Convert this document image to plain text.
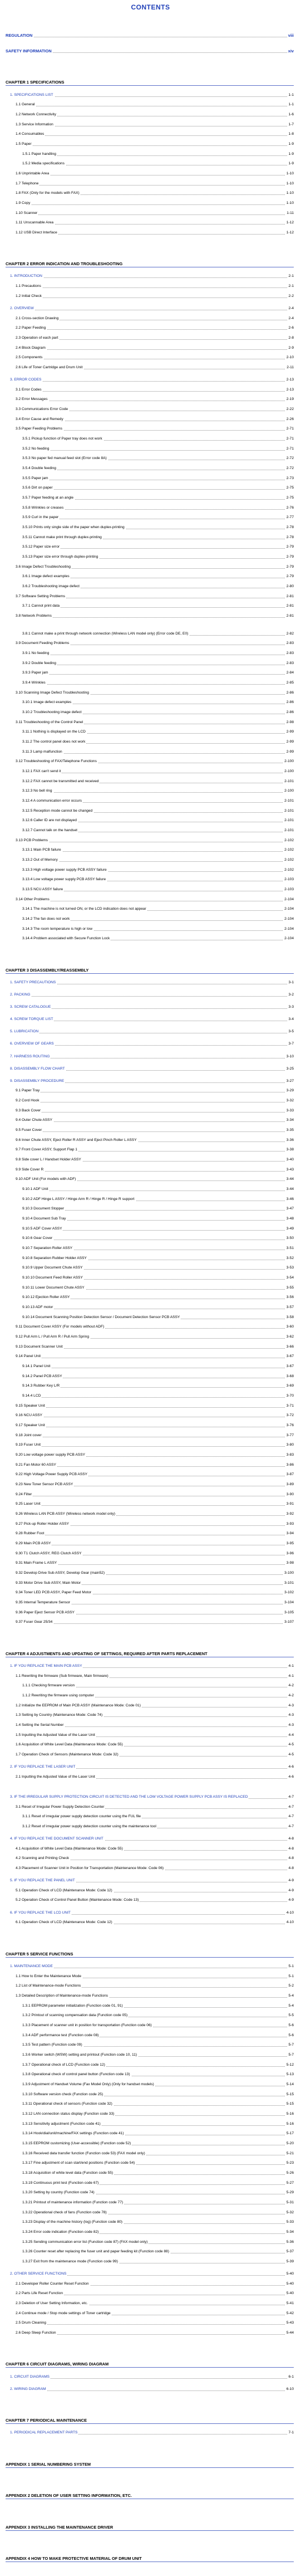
CONTENTS
REGULATION	viii
SAFETY INFORMATION	xiv
CHAPTER 1 SPECIFICATIONS
1. SPECIFICATIONS LIST	1-1
1.1 General	1-1
1.2 Network Connectivity	1-6
1.3 Service Information	1-7
1.4 Consumables	1-8
1.5 Paper	1-9
1.5.1 Paper handling	1-9
1.5.2 Media specifications	1-9
1.6 Unprintable Area	1-10
1.7 Telephone	1-10
1.8 FAX (Only for the models with FAX)	1-10
1.9 Copy	1-10
1.10 Scanner	1-11
1.11 Unscannable Area	1-12
1.12 USB Direct Interface	1-12
CHAPTER 2 ERROR INDICATION AND TROUBLESHOOTING
1. INTRODUCTION	2-1
1.1 Precautions	2-1
1.2 Initial Check	2-2
2. OVERVIEW	2-4
2.1 Cross-section Drawing	2-4
2.2 Paper Feeding	2-6
2.3 Operation of each part	2-8
2.4 Block Diagram	2-9
2.5 Components	2-10
2.6 Life of Toner Cartridge and Drum Unit	2-11
3. ERROR CODES	2-13
3.1 Error Codes	2-13
3.2 Error Messages	2-19
3.3 Communications Error Code	2-22
3.4 Error Cause and Remedy	2-26
3.5 Paper Feeding Problems	2-71
3.5.1 Pickup function of Paper tray does not work	2-71
3.5.2 No feeding	2-71
3.5.3 No paper fed manual feed slot (Error code 8A)	2-72
3.5.4 Double feeding	2-72
3.5.5 Paper jam	2-73
3.5.6 Dirt on paper	2-75
3.5.7 Paper feeding at an angle	2-75
3.5.8 Wrinkles or creases	2-76
3.5.9 Curl in the paper	2-77
3.5.10 Prints only single side of the paper when duplex-printing	2-78
3.5.11 Cannot make print through duplex-printing	2-78
3.5.12 Paper size error	2-79
3.5.13 Paper size error through duplex-printing	2-79
3.6 Image Defect Troubleshooting	2-79
3.6.1 Image defect examples	2-79
3.6.2 Troubleshooting image defect	2-80
3.7 Software Setting Problems	2-81
3.7.1 Cannot print data	2-81
3.8 Network Problems	2-81
3.8.1 Cannot make a print through network connection (Wireless LAN model only) (Error code DE, E0)	2-82
3.9 Document Feeding Problems	2-83
3.9.1 No feeding	2-83
3.9.2 Double feeding	2-83
3.9.3 Paper jam	2-84
3.9.4 Wrinkles	2-85
3.10 Scanning Image Defect Troubleshooting	2-86
3.10.1 Image defect examples	2-86
3.10.2 Troubleshooting image defect	2-86
3.11 Troubleshooting of the Control Panel	2-98
3.11.1 Nothing is displayed on the LCD	2-99
3.11.2 The control panel does not work	2-99
3.11.3 Lamp malfunction	2-99
3.12 Troubleshooting of FAX/Telephone Functions	2-100
3.12.1 FAX can't send it	2-100
3.12.2 FAX cannot be transmitted and received	2-101
3.12.3 No bell ring	2-100
3.12.4 A communication error occurs	2-101
3.12.5 Reception mode cannot be changed	2-101
3.12.6 Caller ID are not displayed	2-101
3.12.7 Cannot talk on the handset	2-101
3.13 PCB Problems	2-102
3.13.1 Main PCB failure	2-102
3.13.2 Out of Memory	2-102
3.13.3 High voltage power supply PCB ASSY failure	2-102
3.13.4 Low voltage power supply PCB ASSY failure	2-103
3.13.5 NCU ASSY failure	2-103
3.14 Other Problems	2-104
3.14.1 The machine is not turned ON, or the LCD indication does not appear	2-104
3.14.2 The fan does not work	2-104
3.14.3 The room temperature is high or low	2-104
3.14.4 Problem associated with Secure Function Lock	2-104
CHAPTER 3 DISASSEMBLY/REASSEMBLY
1. SAFETY PRECAUTIONS	3-1
2. PACKING	3-2
3. SCREW CATALOGUE	3-3
4. SCREW TORQUE LIST	3-4
5. LUBRICATION	3-5
6. OVERVIEW OF GEARS	3-7
7. HARNESS ROUTING	3-10
8. DISASSEMBLY FLOW CHART	3-25
9. DISASSEMBLY PROCEDURE	3-27
9.1 Paper Tray	3-29
9.2 Cord Hook	3-32
9.3 Back Cover	3-33
9.4 Outer Chute ASSY	3-34
9.5 Fuser Cover	3-35
9.6 Inner Chute ASSY, Eject Roller R ASSY and Eject Pinch Roller L ASSY	3-36
9.7 Front Cover ASSY, Support Flap 1	3-38
9.8 Side cover L / Handset Holder ASSY	3-40
9.9 Side Cover R	3-43
9.10 ADF Unit (For models with ADF)	3-44
9.10.1 ADF Unit	3-44
9.10.2 ADF Hinge L ASSY / Hinge Arm R / Hinge R / Hinge R support	3-46
9.10.3 Document Stopper	3-47
9.10.4 Document Sub Tray	3-48
9.10.5 ADF Cover ASSY	3-49
9.10.6 Gear Cover	3-50
9.10.7 Separation Roller ASSY	3-51
9.10.8 Separation Rubber Holder ASSY	3-52
9.10.9 Upper Document Chute ASSY	3-53
9.10.10 Document Feed Roller ASSY	3-54
9.10.11 Lower Document Chute ASSY	3-55
9.10.12 Ejection Roller ASSY	3-56
9.10.13 ADF motor	3-57
9.10.14 Document Scanning Position Detection Sensor / Document Detection Sensor PCB ASSY	3-58
9.11 Document Cover ASSY (For models without ADF)	3-60
9.12 Pull Arm L / Pull Arm R / Pull Arm Spring	3-62
9.13 Document Scanner Unit	3-66
9.14 Panel Unit	3-67
9.14.1 Panel Unit	3-67
9.14.2 Panel PCB ASSY	3-68
9.14.3 Rubber Key L/R	3-69
9.14.4 LCD	3-70
9.15 Speaker Unit	3-71
9.16 NCU ASSY	3-72
9.17 Speaker Unit	3-76
9.18 Joint cover	3-77
9.19 Fuser Unit	3-80
9.20 Low voltage power supply PCB ASSY	3-83
9.21 Fan Motor 60 ASSY	3-86
9.22 High Voltage Power Supply PCB ASSY	3-87
9.23 New Toner Sensor PCB ASSY	3-89
9.24 Filter	3-90
9.25 Laser Unit	3-91
9.26 Wireless LAN PCB ASSY (Wireless network model only)	3-92
9.27 Pick-up Roller Holder ASSY	3-93
9.28 Rubber Foot	3-94
9.29 Main PCB ASSY	3-95
9.30 T1 Clutch ASSY, REG Clutch ASSY	3-96
9.31 Main Frame L ASSY	3-98
9.32 Develop Drive Sub ASSY, Develop Gear (main52)	3-100
9.33 Motor Drive Sub ASSY, Main Motor	3-101
9.34 Toner LED PCB ASSY, Paper Feed Motor	3-102
9.35 Internal Temperature Sensor	3-104
9.36 Paper Eject Sensor PCB ASSY	3-105
9.37 Fuser Gear 25/34	3-107
CHAPTER 4 ADJUSTMENTS AND UPDATING OF SETTINGS, REQUIRED AFTER PARTS REPLACEMENT
1. IF YOU REPLACE THE MAIN PCB ASSY	4-1
1.1 Rewriting the firmware (Sub firmware, Main firmware)	4-1
1.1.1 Checking firmware version	4-2
1.1.2 Rewriting the firmware using computer	4-2
1.2 Initialize the EEPROM of Main PCB ASSY (Maintenance Mode: Code 01)	4-3
1.3 Setting by Country (Maintenance Mode: Code 74)	4-3
1.4 Setting the Serial Number	4-3
1.5 Inputting the Adjusted Value of the Laser Unit	4-4
1.6 Acquisition of White Level Data (Maintenance Mode: Code 55)	4-5
1.7 Operation Check of Sensors (Maintenance Mode: Code 32)	4-5
2. IF YOU REPLACE THE LASER UNIT	4-6
2.1 Inputting the Adjusted Value of the Laser Unit	4-6
3. IF THE IRREGULAR SUPPLY PROTECTION CIRCUIT IS DETECTED AND THE LOW VOLTAGE POWER SUPPLY PCB ASSY IS REPLACED	4-7
3.1 Reset of Irregular Power Supply Detection Counter	4-7
3.1.1 Reset of irregular power supply detection counter using the FUL file	4-7
3.1.2 Reset of irregular power supply detection counter using the maintenance tool	4-7
4. IF YOU REPLACE THE DOCUMENT SCANNER UNIT	4-8
4.1 Acquisition of White Level Data (Maintenance Mode: Code 55)	4-8
4.2 Scanning and Printing Check	4-8
4.3 Placement of Scanner Unit in Position for Transportation (Maintenance Mode: Code 06)	4-8
5. IF YOU REPLACE THE PANEL UNIT	4-9
5.1 Operation Check of LCD (Maintenance Mode: Code 12)	4-9
5.2 Operation Check of Control Panel Button (Maintenance Mode: Code 13)	4-9
6. IF YOU REPLACE THE LCD UNIT	4-10
6.1 Operation Check of LCD (Maintenance Mode: Code 12)	4-10
CHAPTER 5 SERVICE FUNCTIONS
1. MAINTENANCE MODE	5-1
1.1 How to Enter the Maintenance Mode	5-1
1.2 List of Maintenance-mode Functions	5-2
1.3 Detailed Description of Maintenance-mode Functions	5-4
1.3.1 EEPROM parameter initialization (Function code 01, 91)	5-4
1.3.2 Printout of scanning compensation data (Function code 05)	5-5
1.3.3 Placement of scanner unit in position for transportation (Function code 06)	5-6
1.3.4 ADF performance test (Function code 08)	5-6
1.3.5 Test pattern (Function code 09)	5-7
1.3.6 Worker switch (WSW) setting and printout (Function code 10, 11)	5-7
1.3.7 Operational check of LCD (Function code 12)	5-12
1.3.8 Operational check of control panel button (Function code 13)	5-13
1.3.9 Adjustment of Handset Volume (Fax Model Only) (Only for handset models)	5-14
1.3.10 Software version check (Function code 25)	5-15
1.3.11 Operational check of sensors (Function code 32)	5-15
1.3.12 LAN connection status display (Function code 33)	5-16
1.3.13 Sensitivity adjustment (Function code 41)	5-16
1.3.14 Hook/dial/unit/machine/FAX settings (Function code 41)	5-17
1.3.15 EEPROM customizing (User-accessible) (Function code 52)	5-20
1.3.16 Received data transfer function (Function code 53) (FAX model only)	5-21
1.3.17 Fine adjustment of scan start/end positions (Function code 54)	5-23
1.3.18 Acquisition of white level data (Function code 55)	5-26
1.3.19 Continuous print test (Function code 67)	5-27
1.3.20 Setting by country (Function code 74)	5-29
1.3.21 Printout of maintenance information (Function code 77)	5-31
1.3.22 Operational check of fans (Function code 78)	5-32
1.3.23 Display of the machine history (log) (Function code 80)	5-33
1.3.24 Error code indication (Function code 82)	5-34
1.3.25 Sending communication error list (Function code 87) (FAX model only)	5-36
1.3.26 Counter reset after replacing the fuser unit and paper feeding kit (Function code 88)	5-37
1.3.27 Exit from the maintenance mode (Function code 99)	5-39
2. OTHER SERVICE FUNCTIONS	5-40
2.1 Developer Roller Counter Reset Function	5-40
2.2 Parts Life Reset Function	5-40
2.3 Deletion of User Setting Information, etc.	5-41
2.4 Continue mode / Stop mode settings of Toner cartridge	5-42
2.5 Drum Cleaning	5-43
2.6 Deep Sleep Function	5-44
CHAPTER 6 CIRCUIT DIAGRAMS, WIRING DIAGRAM
1. CIRCUIT DIAGRAMS	6-1
2. WIRING DIAGRAM	6-10
CHAPTER 7 PERIODICAL MAINTENANCE
1. PERIODICAL REPLACEMENT PARTS	7-1
APPENDIX 1 SERIAL NUMBERING SYSTEM
APPENDIX 2 DELETION OF USER SETTING INFORMATION, ETC.
APPENDIX 3 INSTALLING THE MAINTENANCE DRIVER
APPENDIX 4 HOW TO MAKE PROTECTIVE MATERIAL OF DRUM UNIT
